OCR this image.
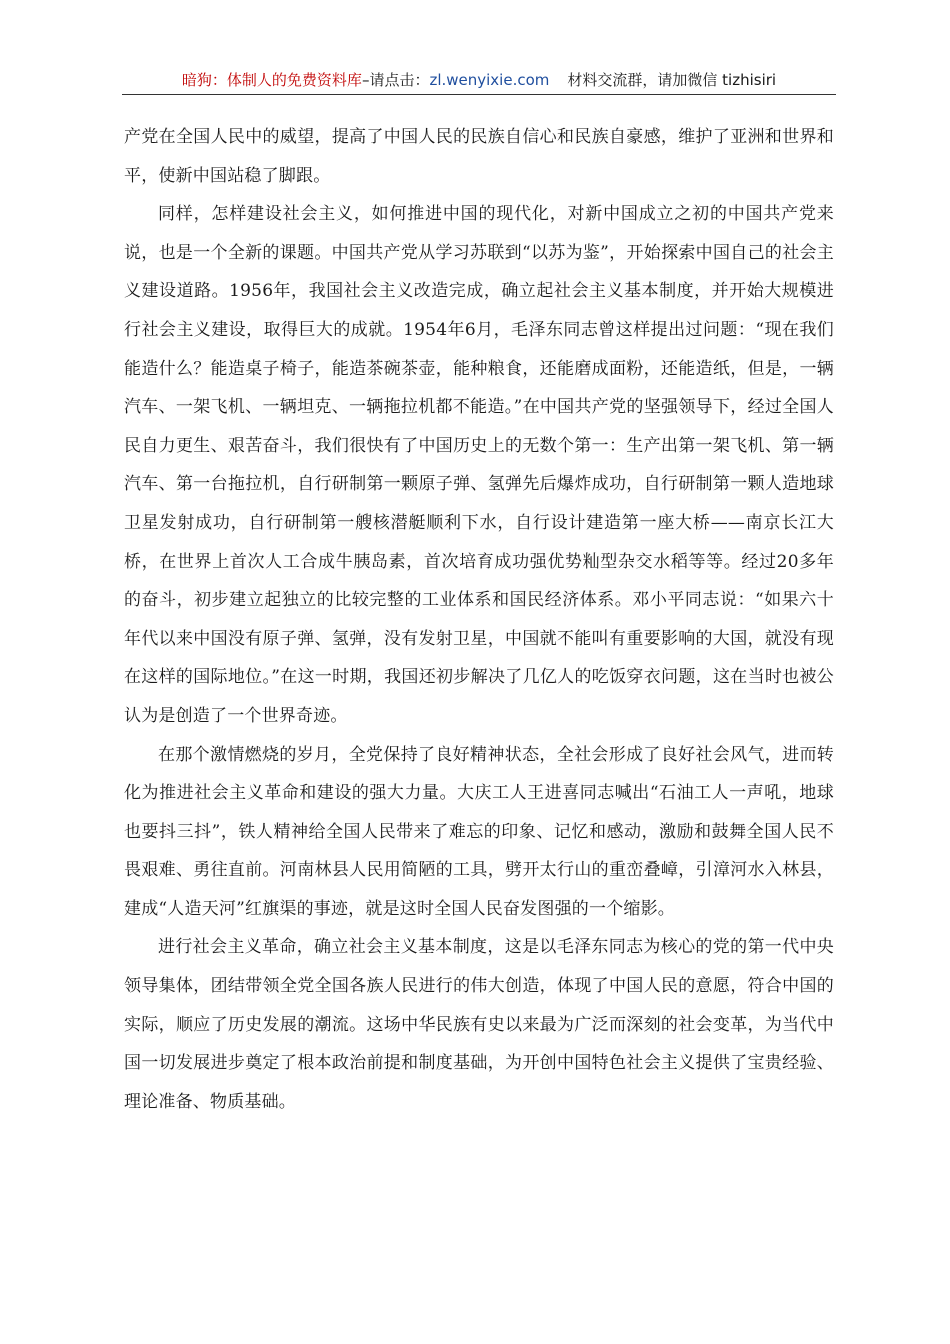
暗狗：体制人的免费资料库–请点击：zl.wenyixie.com 材料交流群，请加微信 tizhisiri

产党在全国人民中的威望，提高了中国人民的民族自信心和民族自豪感，维护了亚洲和世界和平，使新中国站稳了脚跟。

同样，怎样建设社会主义，如何推进中国的现代化，对新中国成立之初的中国共产党来说，也是一个全新的课题。中国共产党从学习苏联到“以苏为鉴”，开始探索中国自己的社会主义建设道路。1956年，我国社会主义改造完成，确立起社会主义基本制度，并开始大规模进行社会主义建设，取得巨大的成就。1954年6月，毛泽东同志曾这样提出过问题：“现在我们能造什么？能造桌子椅子，能造茶碗茶壶，能种粮食，还能磨成面粉，还能造纸，但是，一辆汽车、一架飞机、一辆坦克、一辆拖拉机都不能造。”在中国共产党的坚强领导下，经过全国人民自力更生、艰苦奋斗，我们很快有了中国历史上的无数个第一：生产出第一架飞机、第一辆汽车、第一台拖拉机，自行研制第一颗原子弹、氢弹先后爆炸成功，自行研制第一颗人造地球卫星发射成功，自行研制第一艘核潜艇顺利下水，自行设计建造第一座大桥——南京长江大桥，在世界上首次人工合成牛胰岛素，首次培育成功强优势籼型杂交水稻等等。经过20多年的奋斗，初步建立起独立的比较完整的工业体系和国民经济体系。邓小平同志说：“如果六十年代以来中国没有原子弹、氢弹，没有发射卫星，中国就不能叫有重要影响的大国，就没有现在这样的国际地位。”在这一时期，我国还初步解决了几亿人的吃饭穿衣问题，这在当时也被公认为是创造了一个世界奇迹。

在那个激情燃烧的岁月，全党保持了良好精神状态，全社会形成了良好社会风气，进而转化为推进社会主义革命和建设的强大力量。大庆工人王进喜同志喊出“石油工人一声吼，地球也要抖三抖”，铁人精神给全国人民带来了难忘的印象、记忆和感动，激励和鼓舞全国人民不畏艰难、勇往直前。河南林县人民用简陋的工具，劈开太行山的重峦叠嶂，引漳河水入林县，建成“人造天河”红旗渠的事迹，就是这时全国人民奋发图强的一个缩影。

进行社会主义革命，确立社会主义基本制度，这是以毛泽东同志为核心的党的第一代中央领导集体，团结带领全党全国各族人民进行的伟大创造，体现了中国人民的意愿，符合中国的实际，顺应了历史发展的潮流。这场中华民族有史以来最为广泛而深刻的社会变革，为当代中国一切发展进步奠定了根本政治前提和制度基础，为开创中国特色社会主义提供了宝贵经验、理论准备、物质基础。
